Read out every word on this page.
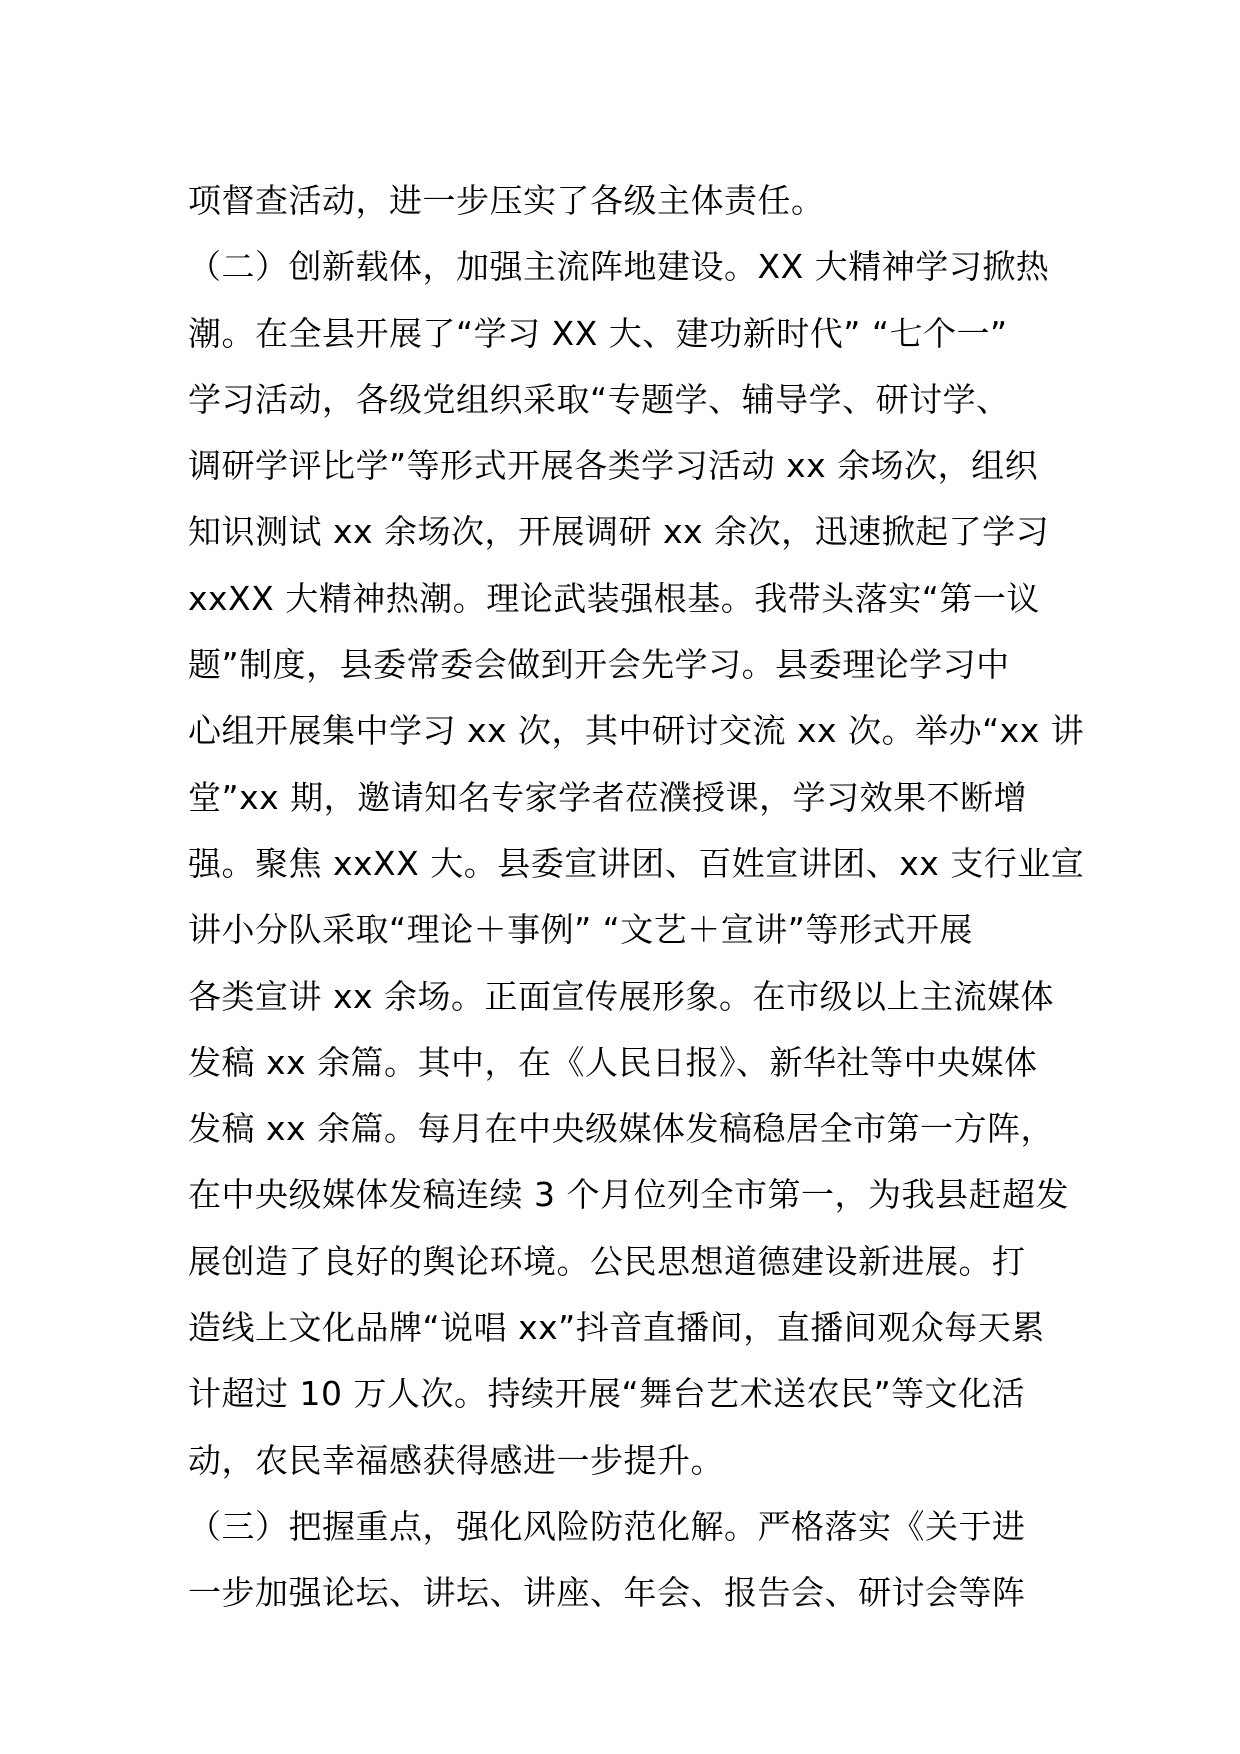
项督查活动，进一步压实了各级主体责任。
（二）创新载体，加强主流阵地建设。XX 大精神学习掀热
潮。在全县开展了“学习 XX 大、建功新时代” “七个一”
学习活动，各级党组织采取“专题学、辅导学、研讨学、
调研学评比学”等形式开展各类学习活动 xx 余场次，组织
知识测试 xx 余场次，开展调研 xx 余次，迅速掀起了学习
xxXX 大精神热潮。理论武装强根基。我带头落实“第一议
题”制度，县委常委会做到开会先学习。县委理论学习中
心组开展集中学习 xx 次，其中研讨交流 xx 次。举办“xx 讲
堂”xx 期，邀请知名专家学者莅濮授课，学习效果不断增
强。聚焦 xxXX 大。县委宣讲团、百姓宣讲团、xx 支行业宣
讲小分队采取“理论＋事例” “文艺＋宣讲”等形式开展
各类宣讲 xx 余场。正面宣传展形象。在市级以上主流媒体
发稿 xx 余篇。其中，在《人民日报》、新华社等中央媒体
发稿 xx 余篇。每月在中央级媒体发稿稳居全市第一方阵，
在中央级媒体发稿连续 3 个月位列全市第一，为我县赶超发
展创造了良好的舆论环境。公民思想道德建设新进展。打
造线上文化品牌“说唱 xx”抖音直播间，直播间观众每天累
计超过 10 万人次。持续开展“舞台艺术送农民”等文化活
动，农民幸福感获得感进一步提升。
（三）把握重点，强化风险防范化解。严格落实《关于进
一步加强论坛、讲坛、讲座、年会、报告会、研讨会等阵
